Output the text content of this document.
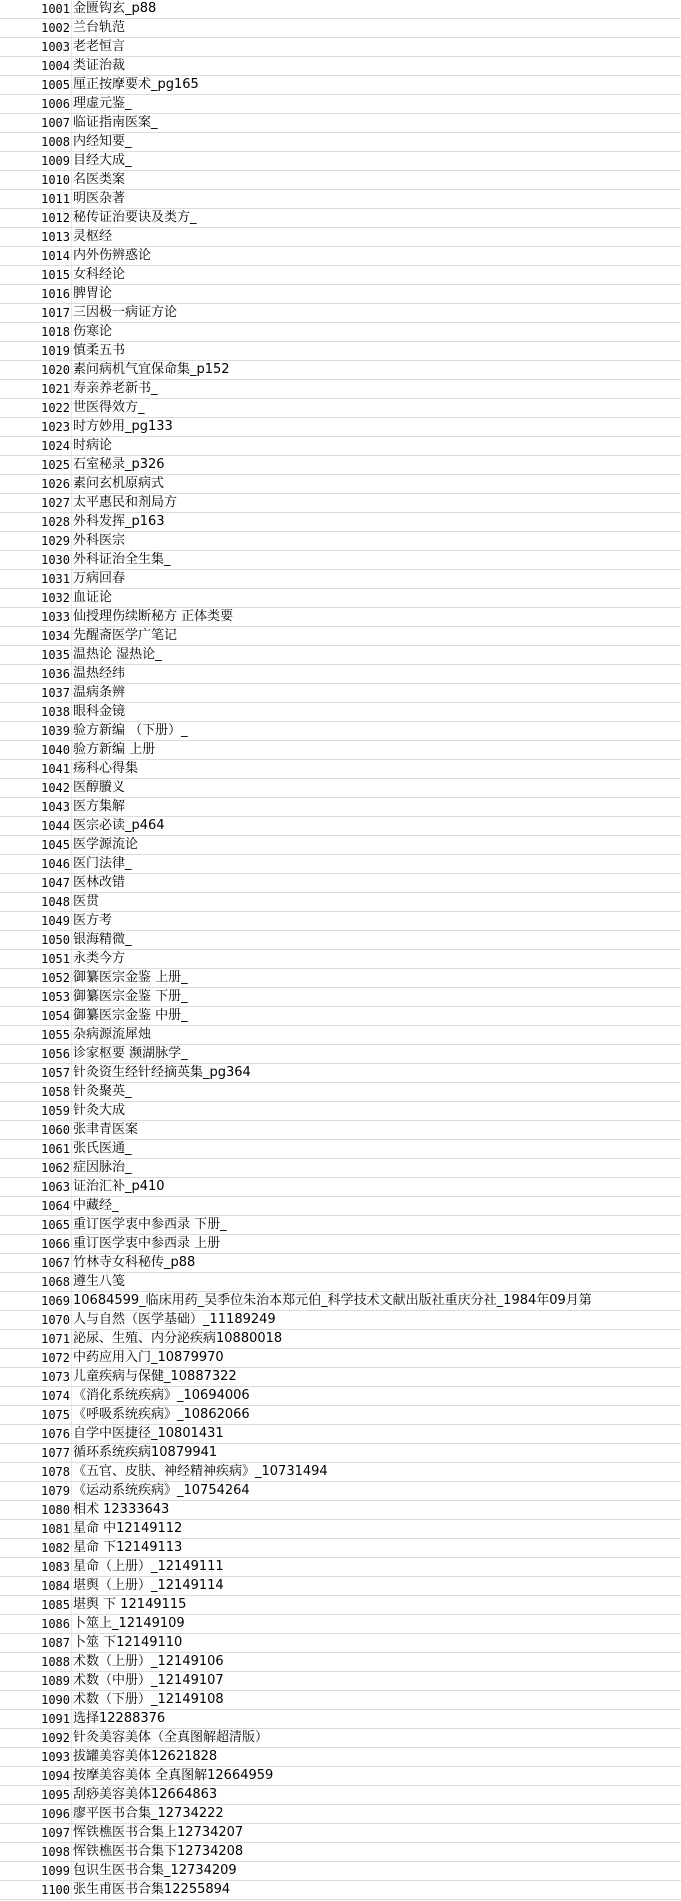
1001 金匮钩玄_p88
1002 兰台轨范
1003 老老恒言
1004 类证治裁
1005 厘正按摩要术_pg165
1006 理虚元鉴_
1007 临证指南医案_
1008 内经知要_
1009 目经大成_
1010 名医类案
1011 明医杂著
1012 秘传证治要诀及类方_
1013 灵枢经
1014 内外伤辨惑论
1015 女科经论
1016 脾胃论
1017 三因极一病证方论
1018 伤寒论
1019 慎柔五书
1020 素问病机气宜保命集_p152
1021 寿亲养老新书_
1022 世医得效方_
1023 时方妙用_pg133
1024 时病论
1025 石室秘录_p326
1026 素问玄机原病式
1027 太平惠民和剂局方
1028 外科发挥_p163
1029 外科医宗
1030 外科证治全生集_
1031 万病回春
1032 血证论
1033 仙授理伤续断秘方 正体类要
1034 先醒斋医学广笔记
1035 温热论 湿热论_
1036 温热经纬
1037 温病条辨
1038 眼科金镜
1039 验方新编 （下册）_
1040 验方新编 上册
1041 疡科心得集
1042 医醇賸义
1043 医方集解
1044 医宗必读_p464
1045 医学源流论
1046 医门法律_
1047 医林改错
1048 医贯
1049 医方考
1050 银海精微_
1051 永类今方
1052 御纂医宗金鉴 上册_
1053 御纂医宗金鉴 下册_
1054 御纂医宗金鉴 中册_
1055 杂病源流犀烛
1056 诊家枢要 濒湖脉学_
1057 针灸资生经针经摘英集_pg364
1058 针灸聚英_
1059 针灸大成
1060 张聿青医案
1061 张氏医通_
1062 症因脉治_
1063 证治汇补_p410
1064 中藏经_
1065 重订医学衷中参西录 下册_
1066 重订医学衷中参西录 上册
1067 竹林寺女科秘传_p88
1068 遵生八笺
1069 10684599_临床用药_吴季位朱治本郑元伯_科学技术文献出版社重庆分社_1984年09月第
1070 人与自然（医学基础）_11189249
1071 泌尿、生殖、内分泌疾病10880018
1072 中药应用入门_10879970
1073 儿童疾病与保健_10887322
1074 《消化系统疾病》_10694006
1075 《呼吸系统疾病》_10862066
1076 自学中医捷径_10801431
1077 循环系统疾病10879941
1078 《五官、皮肤、神经精神疾病》_10731494
1079 《运动系统疾病》_10754264
1080 相术 12333643
1081 星命 中12149112
1082 星命 下12149113
1083 星命（上册）_12149111
1084 堪舆（上册）_12149114
1085 堪舆 下 12149115
1086 卜筮上_12149109
1087 卜筮 下12149110
1088 术数（上册）_12149106
1089 术数（中册）_12149107
1090 术数（下册）_12149108
1091 选择12288376
1092 针灸美容美体（全真图解超清版）
1093 拔罐美容美体12621828
1094 按摩美容美体 全真图解12664959
1095 刮痧美容美体12664863
1096 廖平医书合集_12734222
1097 恽铁樵医书合集上12734207
1098 恽铁樵医书合集下12734208
1099 包识生医书合集_12734209
1100 张生甫医书合集12255894
